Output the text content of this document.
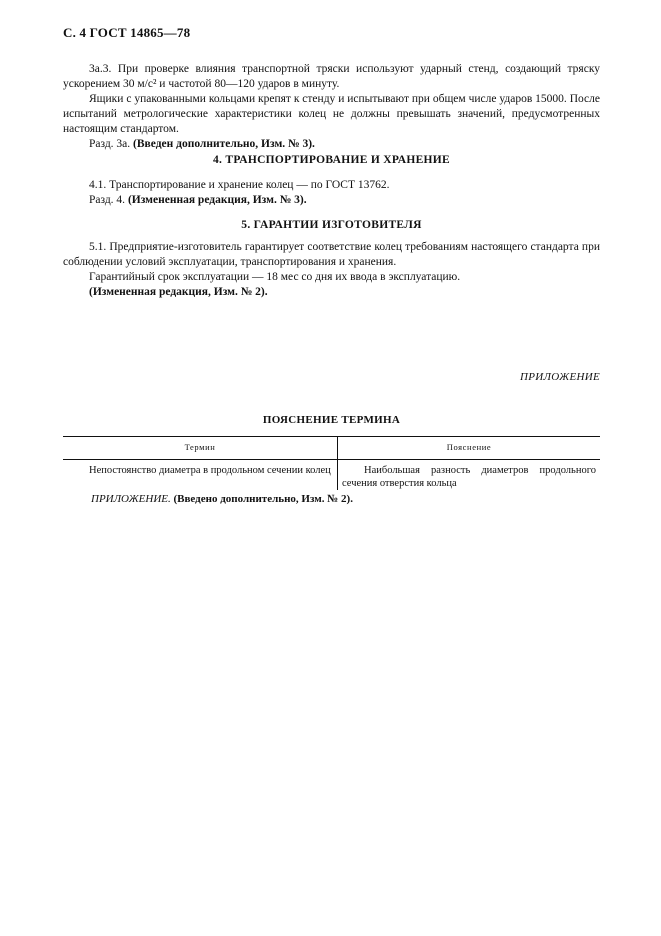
С. 4 ГОСТ 14865—78

3а.3. При проверке влияния транспортной тряски используют ударный стенд, создающий тряску ускорением 30 м/с² и частотой 80—120 ударов в минуту.

Ящики с упакованными кольцами крепят к стенду и испытывают при общем числе ударов 15000. После испытаний метрологические характеристики колец не должны превышать значений, предусмотренных настоящим стандартом.

Разд. 3а. (Введен дополнительно, Изм. № 3).

4. ТРАНСПОРТИРОВАНИЕ И ХРАНЕНИЕ

4.1. Транспортирование и хранение колец — по ГОСТ 13762.

Разд. 4. (Измененная редакция, Изм. № 3).

5. ГАРАНТИИ ИЗГОТОВИТЕЛЯ

5.1. Предприятие-изготовитель гарантирует соответствие колец требованиям настоящего стандарта при соблюдении условий эксплуатации, транспортирования и хранения.

Гарантийный срок эксплуатации — 18 мес со дня их ввода в эксплуатацию.

(Измененная редакция, Изм. № 2).

ПРИЛОЖЕНИЕ
ПОЯСНЕНИЕ ТЕРМИНА
Термин	Пояснение

Непостоянство диаметра в продольном сечении колец	Наибольшая разность диаметров продольного сечения отверстия кольца
ПРИЛОЖЕНИЕ. (Введено дополнительно, Изм. № 2).
